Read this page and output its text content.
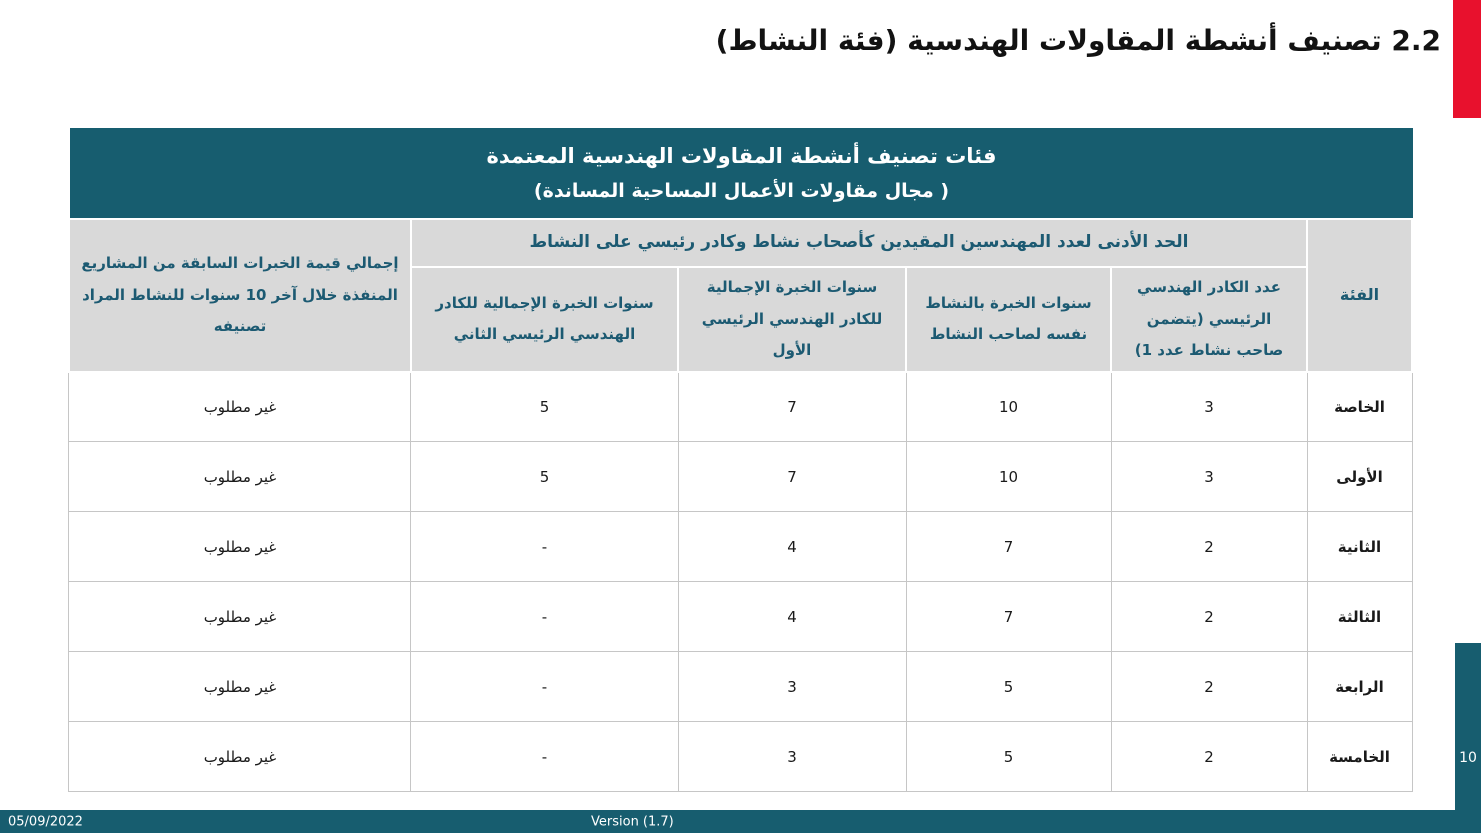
2.2 تصنيف أنشطة المقاولات الهندسية (فئة النشاط)
فئات تصنيف أنشطة المقاولات الهندسية المعتمدة
( مجال مقاولات الأعمال المساحية المساندة)
الفئة	الحد الأدنى لعدد المهندسين المقيدين كأصحاب نشاط وكادر رئيسي على النشاط				إجمالي قيمة الخبرات السابقة من المشاريع المنفذة خلال آخر 10 سنوات للنشاط المراد تصنيفه
	عدد الكادر الهندسي الرئيسي (يتضمن صاحب نشاط عدد 1)	سنوات الخبرة بالنشاط نفسه لصاحب النشاط	سنوات الخبرة الإجمالية للكادر الهندسي الرئيسي الأول	سنوات الخبرة الإجمالية للكادر الهندسي الرئيسي الثاني	
الخاصة	3	10	7	5	غير مطلوب
الأولى	3	10	7	5	غير مطلوب
الثانية	2	7	4	-	غير مطلوب
الثالثة	2	7	4	-	غير مطلوب
الرابعة	2	5	3	-	غير مطلوب
الخامسة	2	5	3	-	غير مطلوب	10
05/09/2022	Version (1.7)
